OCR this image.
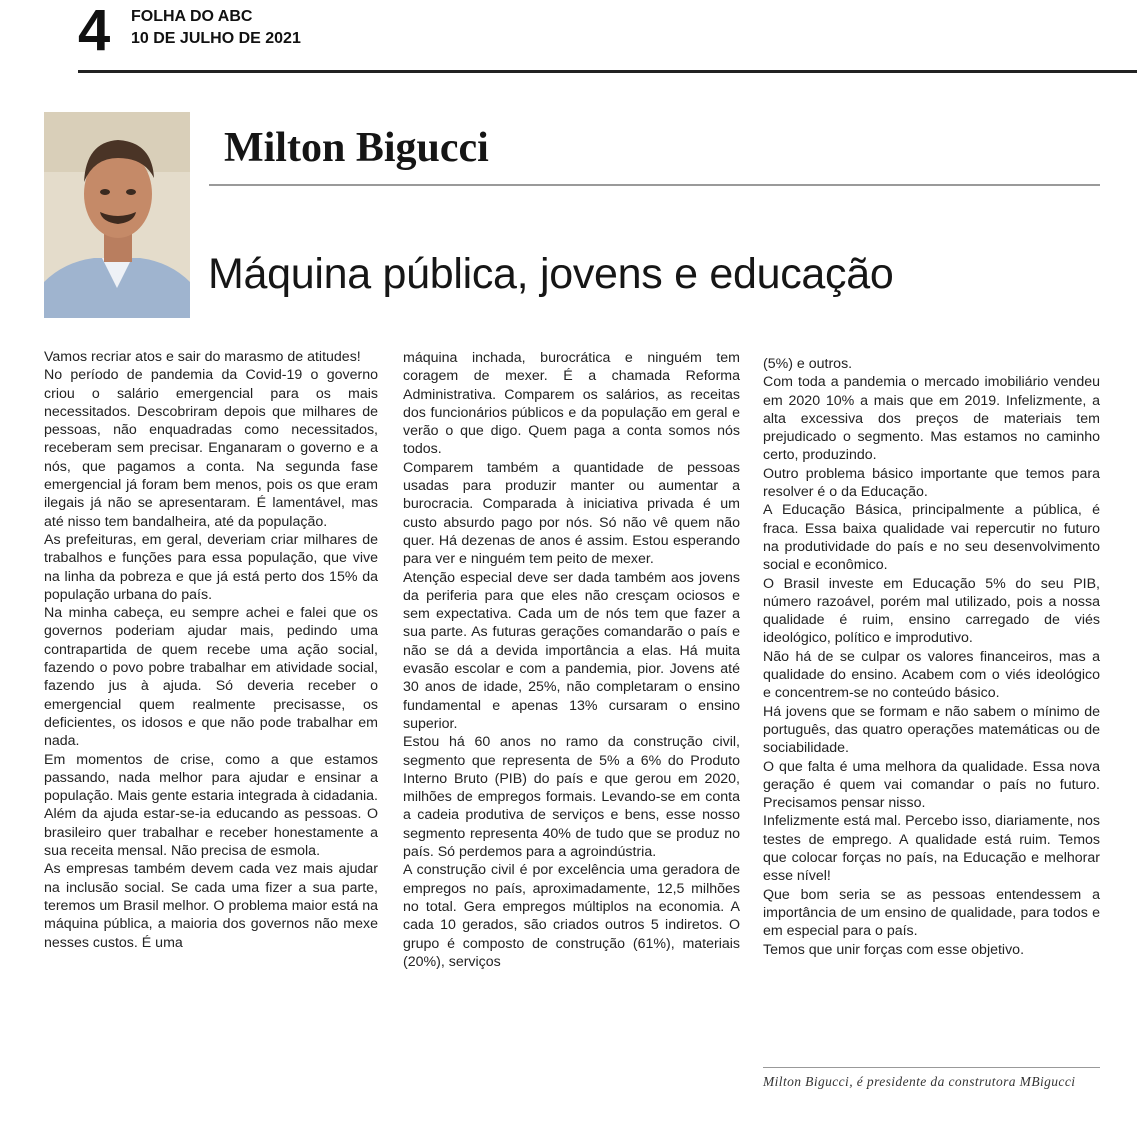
4 FOLHA DO ABC
10 DE JULHO DE 2021
Milton Bigucci
Máquina pública, jovens e educação

Vamos recriar atos e sair do marasmo de atitudes!

No período de pandemia da Covid-19 o governo criou o salário emergencial para os mais necessitados. Descobriram depois que milhares de pessoas, não enquadradas como necessitados, receberam sem precisar. Enganaram o governo e a nós, que pagamos a conta. Na segunda fase emergencial já foram bem menos, pois os que eram ilegais já não se apresentaram. É lamentável, mas até nisso tem bandalheira, até da população.

As prefeituras, em geral, deveriam criar milhares de trabalhos e funções para essa população, que vive na linha da pobreza e que já está perto dos 15% da população urbana do país.

Na minha cabeça, eu sempre achei e falei que os governos poderiam ajudar mais, pedindo uma contrapartida de quem recebe uma ação social, fazendo o povo pobre trabalhar em atividade social, fazendo jus à ajuda. Só deveria receber o emergencial quem realmente precisasse, os deficientes, os idosos e que não pode trabalhar em nada.

Em momentos de crise, como a que estamos passando, nada melhor para ajudar e ensinar a população. Mais gente estaria integrada à cidadania. Além da ajuda estar-se-ia educando as pessoas. O brasileiro quer trabalhar e receber honestamente a sua receita mensal. Não precisa de esmola.

As empresas também devem cada vez mais ajudar na inclusão social. Se cada uma fizer a sua parte, teremos um Brasil melhor. O problema maior está na máquina pública, a maioria dos governos não mexe nesses custos. É uma

máquina inchada, burocrática e ninguém tem coragem de mexer. É a chamada Reforma Administrativa. Comparem os salários, as receitas dos funcionários públicos e da população em geral e verão o que digo. Quem paga a conta somos nós todos.

Comparem também a quantidade de pessoas usadas para produzir manter ou aumentar a burocracia. Comparada à iniciativa privada é um custo absurdo pago por nós. Só não vê quem não quer. Há dezenas de anos é assim. Estou esperando para ver e ninguém tem peito de mexer.

Atenção especial deve ser dada também aos jovens da periferia para que eles não cresçam ociosos e sem expectativa. Cada um de nós tem que fazer a sua parte. As futuras gerações comandarão o país e não se dá a devida importância a elas. Há muita evasão escolar e com a pandemia, pior. Jovens até 30 anos de idade, 25%, não completaram o ensino fundamental e apenas 13% cursaram o ensino superior.

Estou há 60 anos no ramo da construção civil, segmento que representa de 5% a 6% do Produto Interno Bruto (PIB) do país e que gerou em 2020, milhões de empregos formais. Levando-se em conta a cadeia produtiva de serviços e bens, esse nosso segmento representa 40% de tudo que se produz no país. Só perdemos para a agroindústria.

A construção civil é por excelência uma geradora de empregos no país, aproximadamente, 12,5 milhões no total. Gera empregos múltiplos na economia. A cada 10 gerados, são criados outros 5 indiretos. O grupo é composto de construção (61%), materiais (20%), serviços

(5%) e outros.

Com toda a pandemia o mercado imobiliário vendeu em 2020 10% a mais que em 2019. Infelizmente, a alta excessiva dos preços de materiais tem prejudicado o segmento. Mas estamos no caminho certo, produzindo.

Outro problema básico importante que temos para resolver é o da Educação.

A Educação Básica, principalmente a pública, é fraca. Essa baixa qualidade vai repercutir no futuro na produtividade do país e no seu desenvolvimento social e econômico.

O Brasil investe em Educação 5% do seu PIB, número razoável, porém mal utilizado, pois a nossa qualidade é ruim, ensino carregado de viés ideológico, político e improdutivo.

Não há de se culpar os valores financeiros, mas a qualidade do ensino. Acabem com o viés ideológico e concentrem-se no conteúdo básico.

Há jovens que se formam e não sabem o mínimo de português, das quatro operações matemáticas ou de sociabilidade.

O que falta é uma melhora da qualidade. Essa nova geração é quem vai comandar o país no futuro. Precisamos pensar nisso.

Infelizmente está mal. Percebo isso, diariamente, nos testes de emprego. A qualidade está ruim. Temos que colocar forças no país, na Educação e melhorar esse nível!

Que bom seria se as pessoas entendessem a importância de um ensino de qualidade, para todos e em especial para o país.

Temos que unir forças com esse objetivo.

Milton Bigucci, é presidente da construtora MBigucci
